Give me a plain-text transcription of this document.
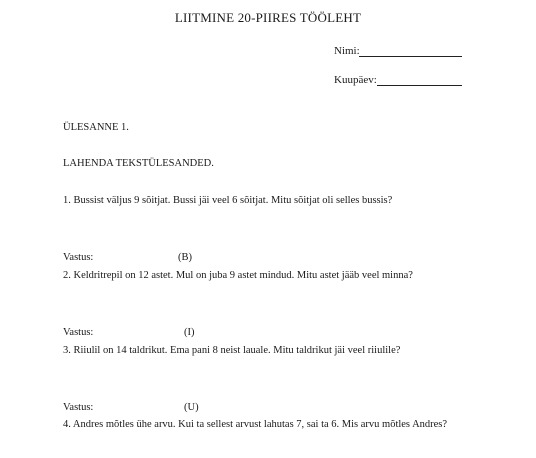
LIITMINE 20-PIIRES TÖÖLEHT
Nimi:
Kuupäev:
ÜLESANNE 1.
LAHENDA TEKSTÜLESANDED.
1. Bussist väljus 9 sõitjat. Bussi jäi veel 6 sõitjat. Mitu sõitjat oli selles bussis?
Vastus:	(B)
2. Keldritrepil on 12 astet. Mul on juba 9 astet mindud. Mitu astet jääb veel minna?
Vastus:	(I)
3. Riiulil on 14 taldrikut. Ema pani 8 neist lauale. Mitu taldrikut jäi veel riiulile?
Vastus:	(U)
4. Andres mõtles ühe arvu. Kui ta sellest arvust lahutas 7, sai ta 6. Mis arvu mõtles Andres?
